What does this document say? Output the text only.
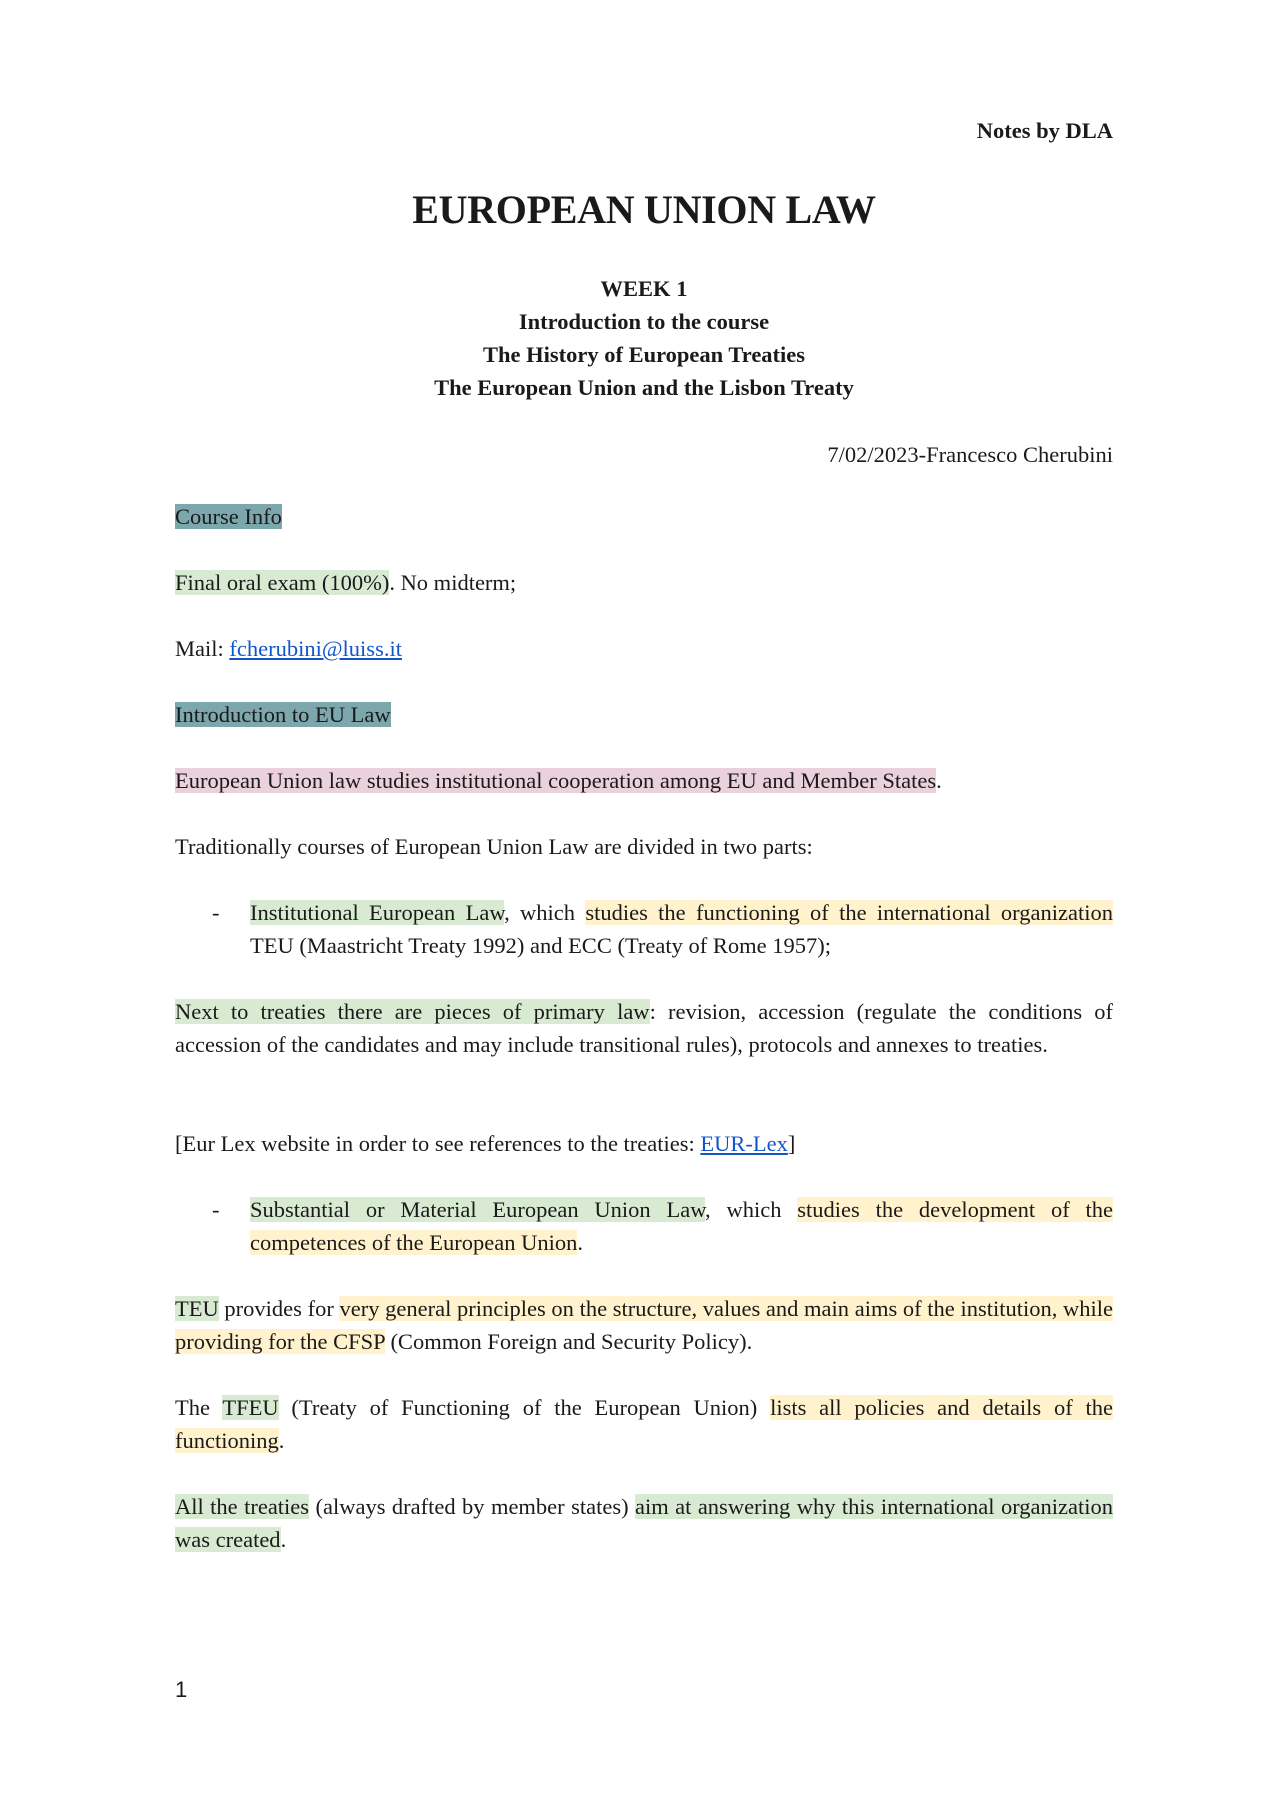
Notes by DLA
EUROPEAN UNION LAW
WEEK 1
Introduction to the course
The History of European Treaties
The European Union and the Lisbon Treaty
7/02/2023-Francesco Cherubini
Course Info
Final oral exam (100%). No midterm;
Mail: fcherubini@luiss.it
Introduction to EU Law
European Union law studies institutional cooperation among EU and Member States.
Traditionally courses of European Union Law are divided in two parts:
- Institutional European Law, which studies the functioning of the international organization TEU (Maastricht Treaty 1992) and ECC (Treaty of Rome 1957);
Next to treaties there are pieces of primary law: revision, accession (regulate the conditions of accession of the candidates and may include transitional rules), protocols and annexes to treaties.
[Eur Lex website in order to see references to the treaties: EUR-Lex]
- Substantial or Material European Union Law, which studies the development of the competences of the European Union.
TEU provides for very general principles on the structure, values and main aims of the institution, while providing for the CFSP (Common Foreign and Security Policy).
The TFEU (Treaty of Functioning of the European Union) lists all policies and details of the functioning.
All the treaties (always drafted by member states) aim at answering why this international organization was created.
1
